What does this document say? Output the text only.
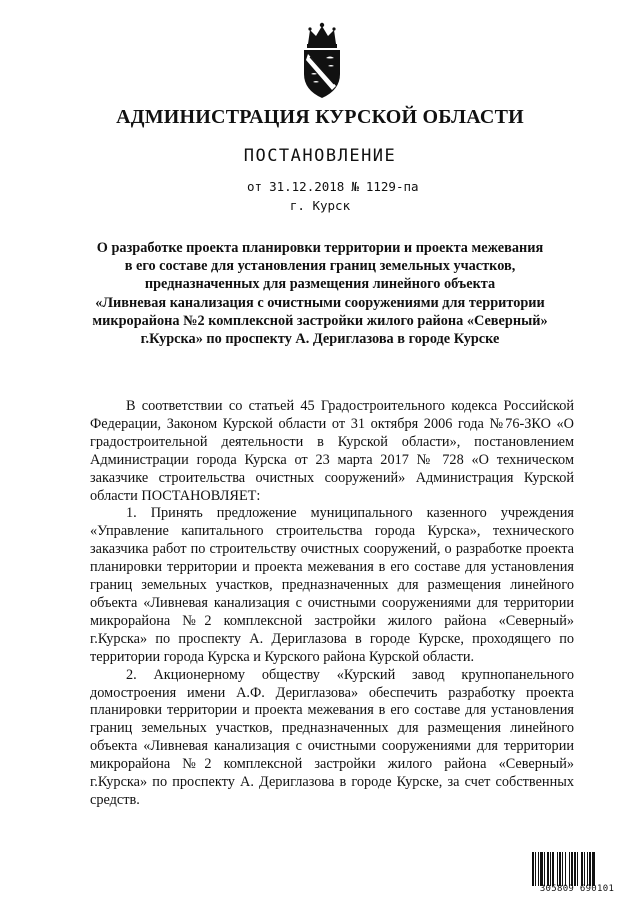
АДМИНИСТРАЦИЯ КУРСКОЙ ОБЛАСТИ
ПОСТАНОВЛЕНИЕ
от 31.12.2018 № 1129-па
г. Курск
О разработке проекта планировки территории и проекта межевания
в его составе для установления границ земельных участков,
предназначенных для размещения линейного объекта
«Ливневая канализация с очистными сооружениями для территории
микрорайона №2 комплексной застройки жилого района «Северный»
г.Курска» по проспекту А. Дериглазова в городе Курске

В соответствии со статьей 45 Градостроительного кодекса Российской Федерации, Законом Курской области от 31 октября 2006 года №76-ЗКО «О градостроительной деятельности в Курской области», постановлением Администрации города Курска от 23 марта 2017 № 728 «О техническом заказчике строительства очистных сооружений» Администрация Курской области ПОСТАНОВЛЯЕТ:

1. Принять предложение муниципального казенного учреждения «Управление капитального строительства города Курска», технического заказчика работ по строительству очистных сооружений, о разработке проекта планировки территории и проекта межевания в его составе для установления границ земельных участков, предназначенных для размещения линейного объекта «Ливневая канализация с очистными сооружениями для территории микрорайона №2 комплексной застройки жилого района «Северный» г.Курска» по проспекту А. Дериглазова в городе Курске, проходящего по территории города Курска и Курского района Курской области.

2. Акционерному обществу «Курский завод крупнопанельного домостроения имени А.Ф. Дериглазова» обеспечить разработку проекта планировки территории и проекта межевания в его составе для установления границ земельных участков, предназначенных для размещения линейного объекта «Ливневая канализация с очистными сооружениями для территории микрорайона №2 комплексной застройки жилого района «Северный» г.Курска» по проспекту А. Дериглазова в городе Курске, за счет собственных средств.

305809 690101
